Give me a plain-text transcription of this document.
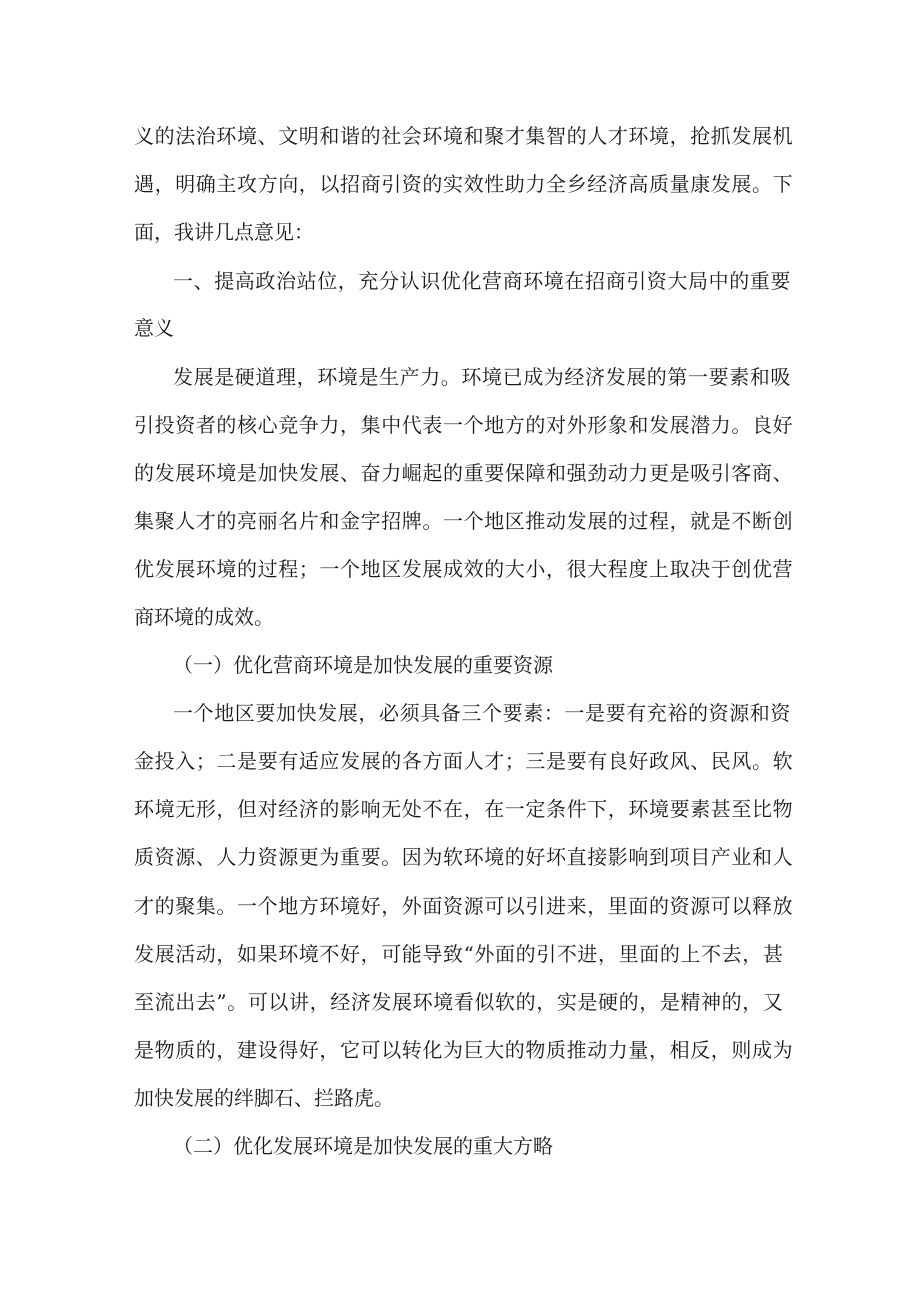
义的法治环境、文明和谐的社会环境和聚才集智的人才环境，抢抓发展机
遇，明确主攻方向，以招商引资的实效性助力全乡经济高质量康发展。下
面，我讲几点意见：
一、提高政治站位，充分认识优化营商环境在招商引资大局中的重要
意义
发展是硬道理，环境是生产力。环境已成为经济发展的第一要素和吸
引投资者的核心竞争力，集中代表一个地方的对外形象和发展潜力。良好
的发展环境是加快发展、奋力崛起的重要保障和强劲动力更是吸引客商、
集聚人才的亮丽名片和金字招牌。一个地区推动发展的过程，就是不断创
优发展环境的过程；一个地区发展成效的大小，很大程度上取决于创优营
商环境的成效。
（一）优化营商环境是加快发展的重要资源
一个地区要加快发展，必须具备三个要素：一是要有充裕的资源和资
金投入；二是要有适应发展的各方面人才；三是要有良好政风、民风。软
环境无形，但对经济的影响无处不在，在一定条件下，环境要素甚至比物
质资源、人力资源更为重要。因为软环境的好坏直接影响到项目产业和人
才的聚集。一个地方环境好，外面资源可以引进来，里面的资源可以释放
发展活动，如果环境不好，可能导致“外面的引不进，里面的上不去，甚
至流出去”。可以讲，经济发展环境看似软的，实是硬的，是精神的，又
是物质的，建设得好，它可以转化为巨大的物质推动力量，相反，则成为
加快发展的绊脚石、拦路虎。
（二）优化发展环境是加快发展的重大方略
